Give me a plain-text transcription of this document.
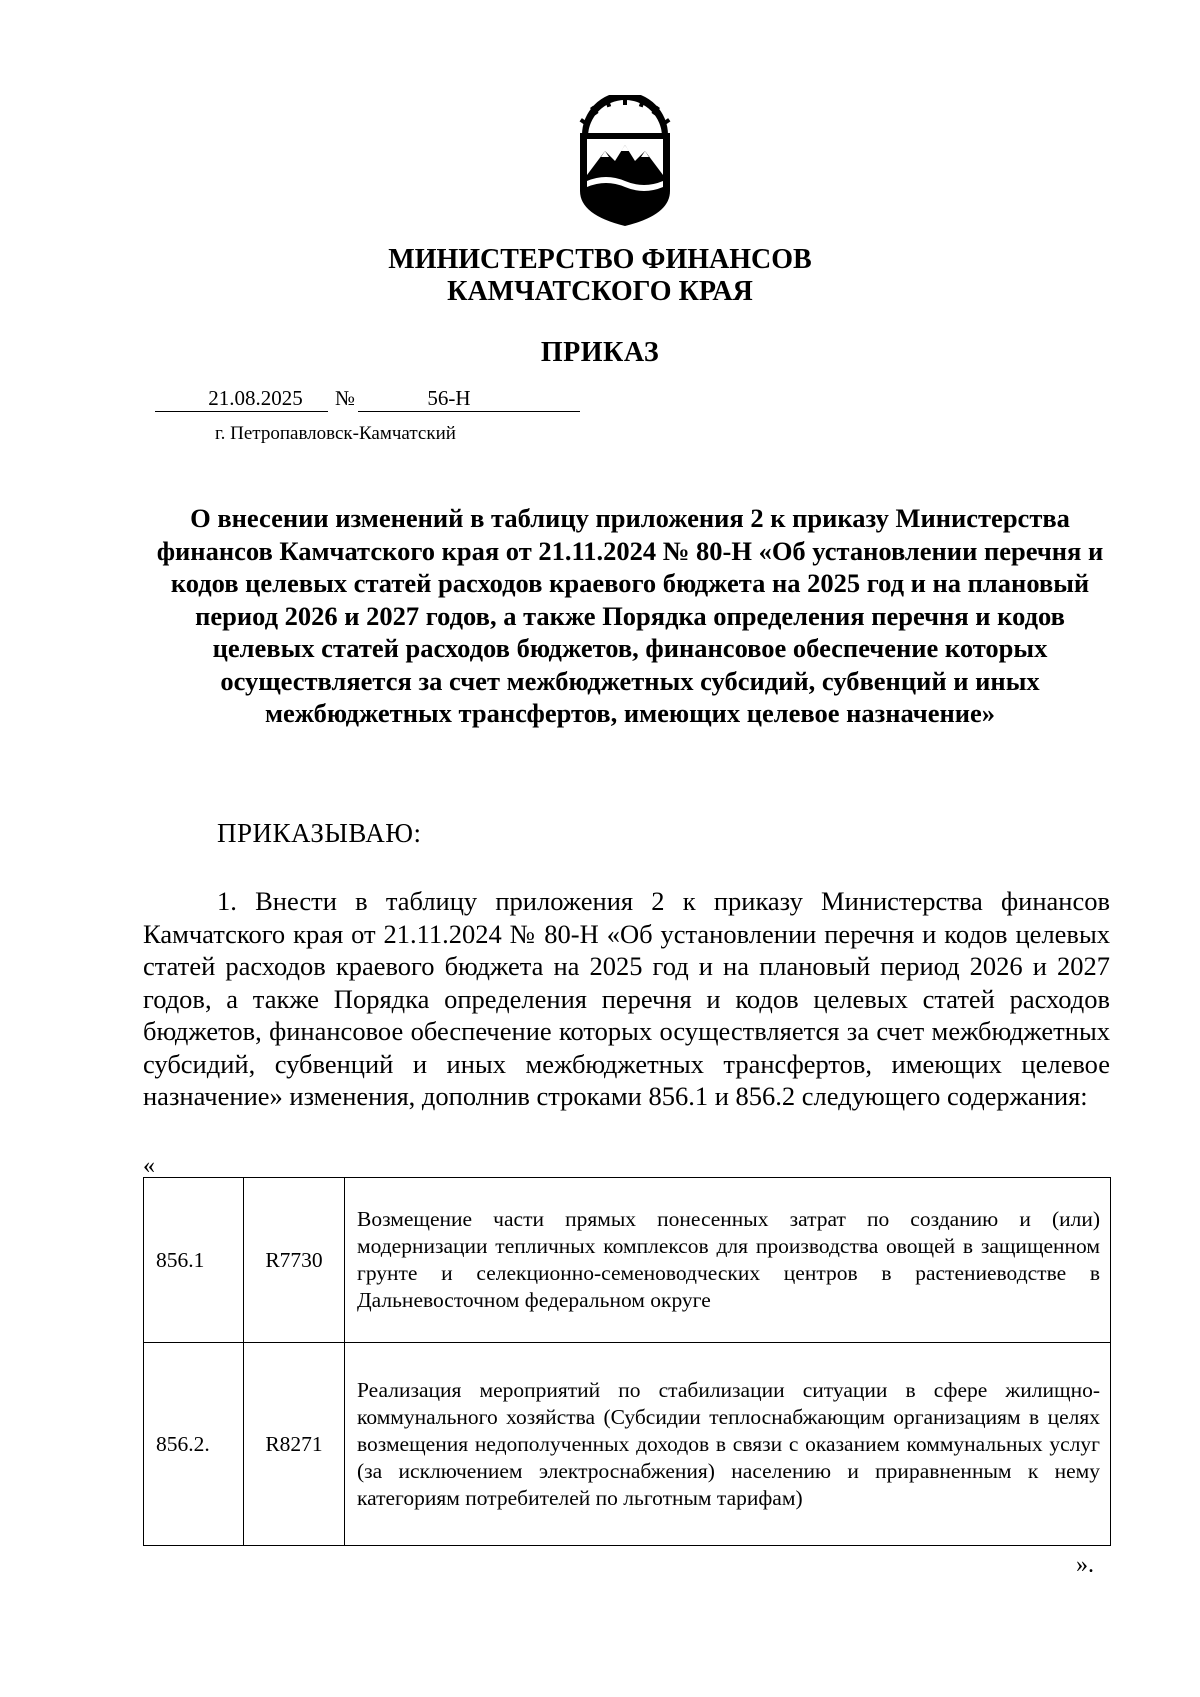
МИНИСТЕРСТВО ФИНАНСОВ
КАМЧАТСКОГО КРАЯ
ПРИКАЗ
21.08.2025	№	56-Н
г. Петропавловск-Камчатский
О внесении изменений в таблицу приложения 2 к приказу Министерства финансов Камчатского края от 21.11.2024 № 80-Н «Об установлении перечня и кодов целевых статей расходов краевого бюджета на 2025 год и на плановый период 2026 и 2027 годов, а также Порядка определения перечня и кодов целевых статей расходов бюджетов, финансовое обеспечение которых осуществляется за счет межбюджетных субсидий, субвенций и иных межбюджетных трансфертов, имеющих целевое назначение»
ПРИКАЗЫВАЮ:
1. Внести в таблицу приложения 2 к приказу Министерства финансов Камчатского края от 21.11.2024 № 80-Н «Об установлении перечня и кодов целевых статей расходов краевого бюджета на 2025 год и на плановый период 2026 и 2027 годов, а также Порядка определения перечня и кодов целевых статей расходов бюджетов, финансовое обеспечение которых осуществляется за счет межбюджетных субсидий, субвенций и иных межбюджетных трансфертов, имеющих целевое назначение» изменения, дополнив строками 856.1 и 856.2 следующего содержания:
«
856.1	R7730	Возмещение части прямых понесенных затрат по созданию и (или) модернизации тепличных комплексов для производства овощей в защищенном грунте и селекционно-семеноводческих центров в растениеводстве в Дальневосточном федеральном округе
856.2.	R8271	Реализация мероприятий по стабилизации ситуации в сфере жилищно-коммунального хозяйства (Субсидии теплоснабжающим организациям в целях возмещения недополученных доходов в связи с оказанием коммунальных услуг (за исключением электроснабжения) населению и приравненным к нему категориям потребителей по льготным тарифам)
».
